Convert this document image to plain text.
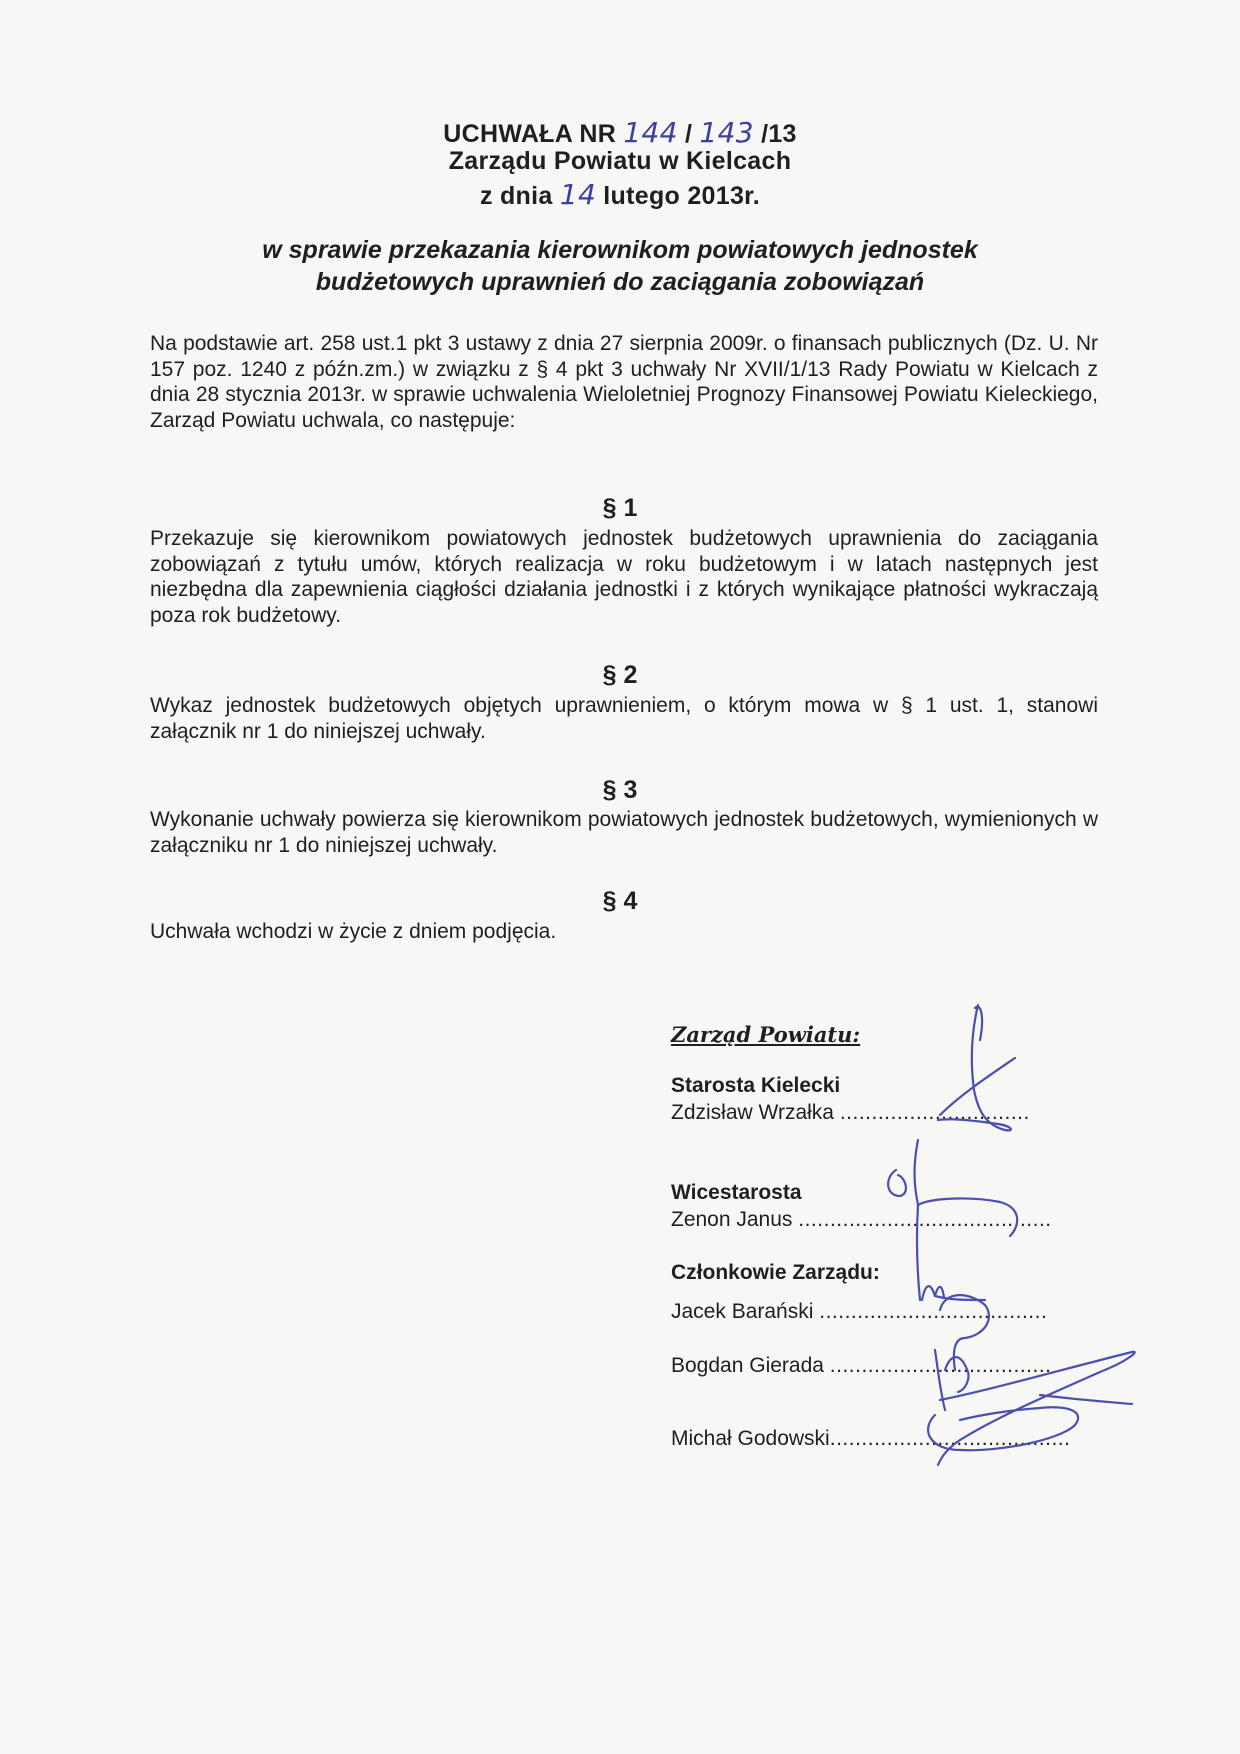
UCHWAŁA NR 144 / 143 /13
Zarządu Powiatu w Kielcach
z dnia 14 lutego 2013r.
w sprawie przekazania kierownikom powiatowych jednostek
budżetowych uprawnień do zaciągania zobowiązań
Na podstawie art. 258 ust.1 pkt 3 ustawy z dnia 27 sierpnia 2009r. o finansach publicznych (Dz. U. Nr 157 poz. 1240 z późn.zm.) w związku z § 4 pkt 3 uchwały Nr XVII/1/13 Rady Powiatu w Kielcach z dnia 28 stycznia 2013r. w sprawie uchwalenia Wieloletniej Prognozy Finansowej Powiatu Kieleckiego, Zarząd Powiatu uchwala, co następuje:
§ 1
Przekazuje się kierownikom powiatowych jednostek budżetowych uprawnienia do zaciągania zobowiązań z tytułu umów, których realizacja w roku budżetowym i w latach następnych jest niezbędna dla zapewnienia ciągłości działania jednostki i z których wynikające płatności wykraczają poza rok budżetowy.
§ 2
Wykaz jednostek budżetowych objętych uprawnieniem, o którym mowa w § 1 ust. 1, stanowi załącznik nr 1 do niniejszej uchwały.
§ 3
Wykonanie uchwały powierza się kierownikom powiatowych jednostek budżetowych, wymienionych w załączniku nr 1 do niniejszej uchwały.
§ 4
Uchwała wchodzi w życie z dniem podjęcia.
Zarząd Powiatu:
Starosta Kielecki
Zdzisław Wrzałka ..............................
Wicestarosta
Zenon Janus ........................................
Członkowie Zarządu:
Jacek Barański ....................................
Bogdan Gierada ...................................
Michał Godowski......................................
